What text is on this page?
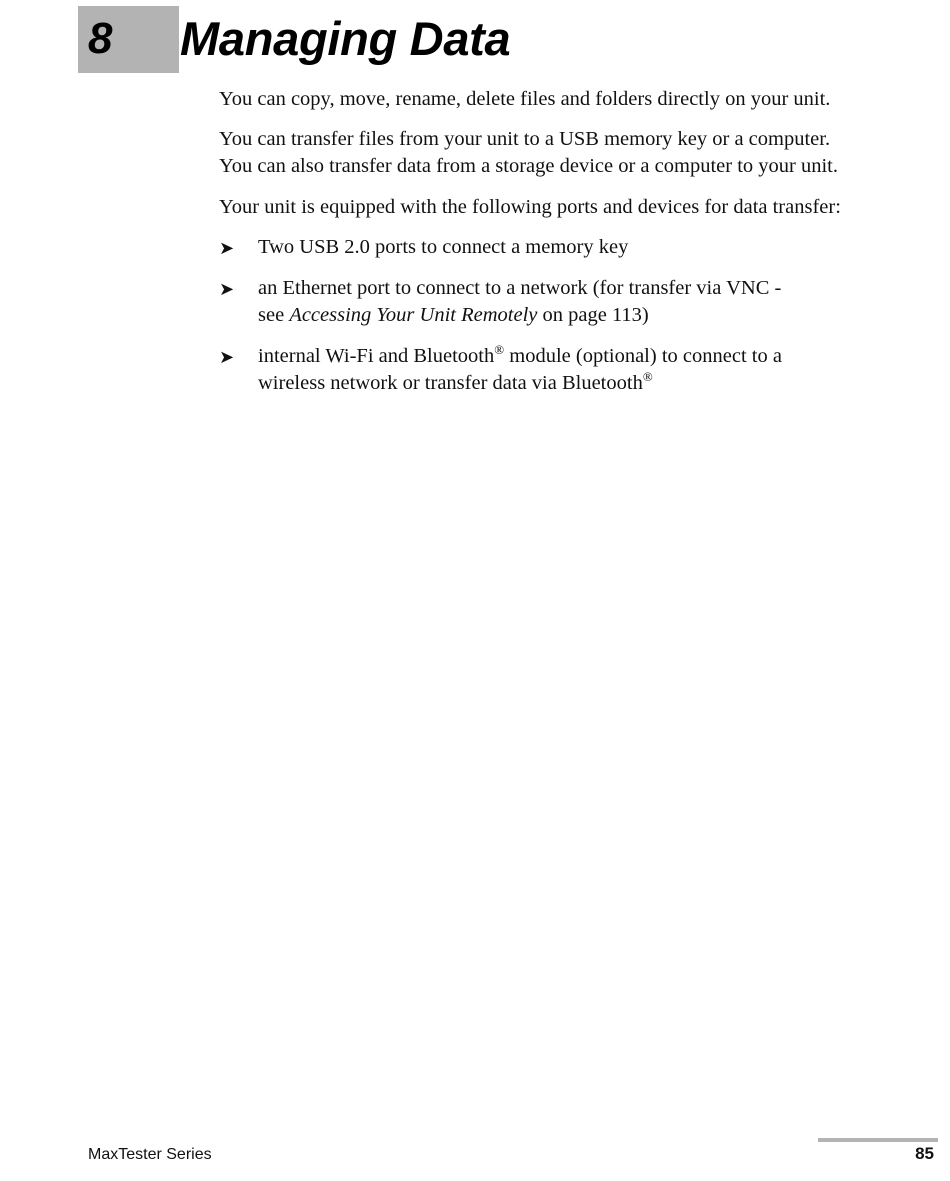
8 Managing Data

You can copy, move, rename, delete files and folders directly on your unit.

You can transfer files from your unit to a USB memory key or a computer.
You can also transfer data from a storage device or a computer to your unit.

Your unit is equipped with the following ports and devices for data transfer:

➤ Two USB 2.0 ports to connect a memory key
➤ an Ethernet port to connect to a network (for transfer via VNC -
see Accessing Your Unit Remotely on page 113)
➤ internal Wi-Fi and Bluetooth® module (optional) to connect to a
wireless network or transfer data via Bluetooth®
MaxTester Series	85
